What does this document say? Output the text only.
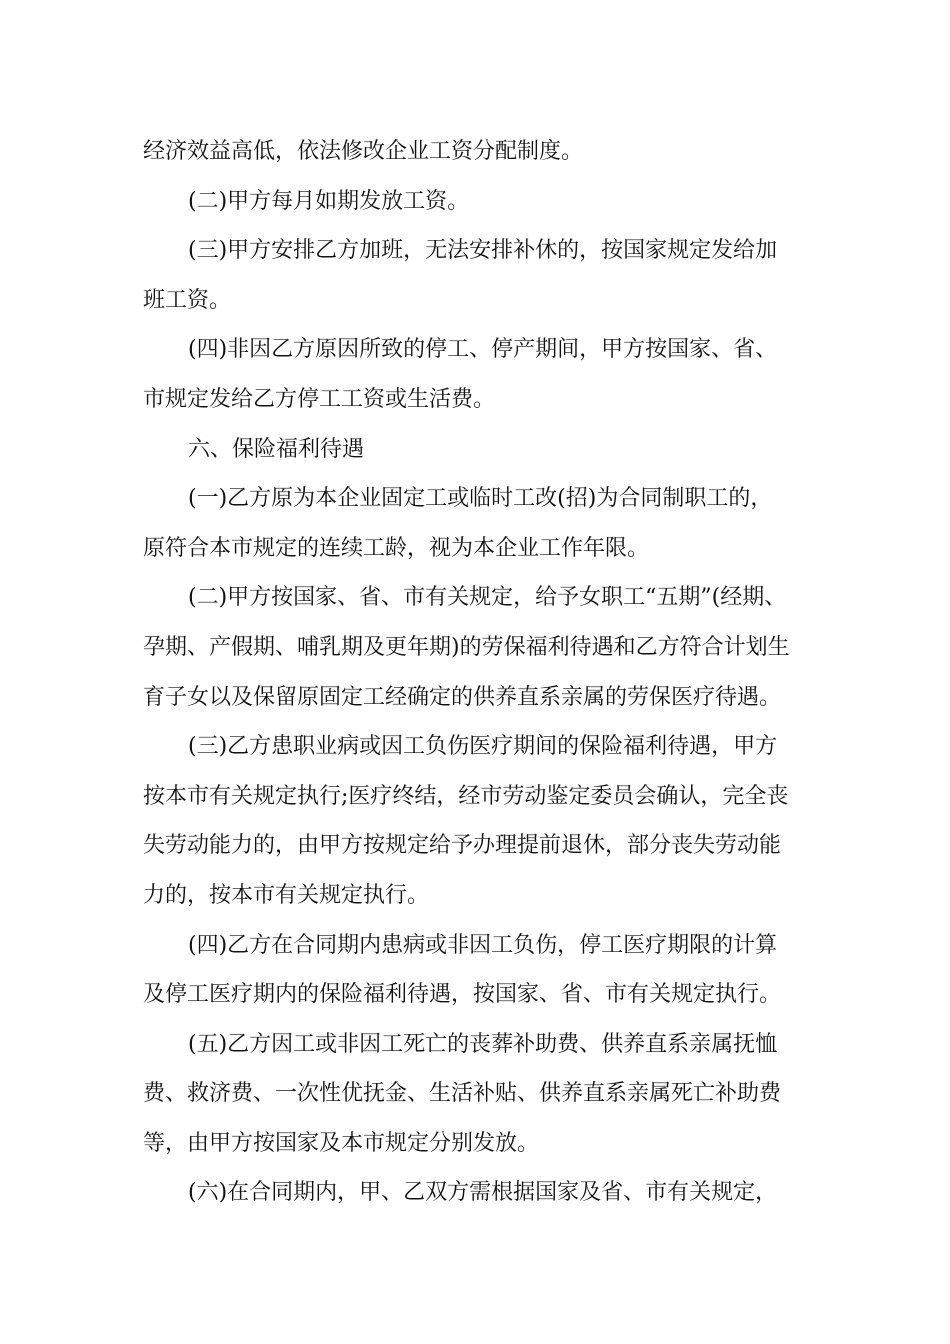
经济效益高低，依法修改企业工资分配制度。
(二)甲方每月如期发放工资。
(三)甲方安排乙方加班，无法安排补休的，按国家规定发给加
班工资。
(四)非因乙方原因所致的停工、停产期间，甲方按国家、省、
市规定发给乙方停工工资或生活费。
六、保险福利待遇
(一)乙方原为本企业固定工或临时工改(招)为合同制职工的，
原符合本市规定的连续工龄，视为本企业工作年限。
(二)甲方按国家、省、市有关规定，给予女职工“五期”(经期、
孕期、产假期、哺乳期及更年期)的劳保福利待遇和乙方符合计划生
育子女以及保留原固定工经确定的供养直系亲属的劳保医疗待遇。
(三)乙方患职业病或因工负伤医疗期间的保险福利待遇，甲方
按本市有关规定执行;医疗终结，经市劳动鉴定委员会确认，完全丧
失劳动能力的，由甲方按规定给予办理提前退休，部分丧失劳动能
力的，按本市有关规定执行。
(四)乙方在合同期内患病或非因工负伤，停工医疗期限的计算
及停工医疗期内的保险福利待遇，按国家、省、市有关规定执行。
(五)乙方因工或非因工死亡的丧葬补助费、供养直系亲属抚恤
费、救济费、一次性优抚金、生活补贴、供养直系亲属死亡补助费
等，由甲方按国家及本市规定分别发放。
(六)在合同期内，甲、乙双方需根据国家及省、市有关规定，
